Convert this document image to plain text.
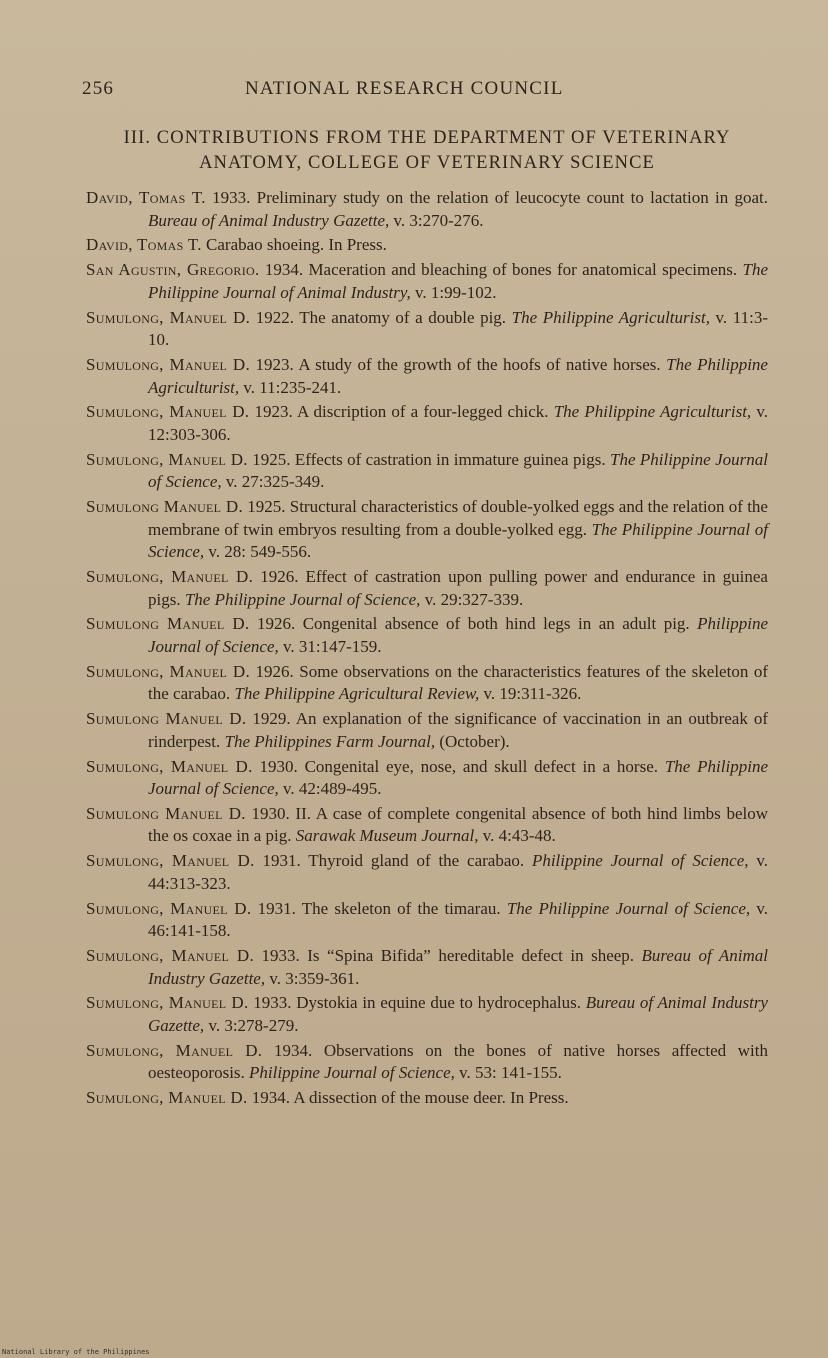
256	NATIONAL RESEARCH COUNCIL
III. CONTRIBUTIONS FROM THE DEPARTMENT OF VETERINARY
ANATOMY, COLLEGE OF VETERINARY SCIENCE
David, Tomas T. 1933. Preliminary study on the relation of leucocyte count to lactation in goat. Bureau of Animal Industry Gazette, v. 3:270-276.
David, Tomas T. Carabao shoeing. In Press.
San Agustin, Gregorio. 1934. Maceration and bleaching of bones for anatomical specimens. The Philippine Journal of Animal Industry, v. 1:99-102.
Sumulong, Manuel D. 1922. The anatomy of a double pig. The Philippine Agriculturist, v. 11:3-10.
Sumulong, Manuel D. 1923. A study of the growth of the hoofs of native horses. The Philippine Agriculturist, v. 11:235-241.
Sumulong, Manuel D. 1923. A discription of a four-legged chick. The Philippine Agriculturist, v. 12:303-306.
Sumulong, Manuel D. 1925. Effects of castration in immature guinea pigs. The Philippine Journal of Science, v. 27:325-349.
Sumulong Manuel D. 1925. Structural characteristics of double-yolked eggs and the relation of the membrane of twin embryos resulting from a double-yolked egg. The Philippine Journal of Science, v. 28: 549-556.
Sumulong, Manuel D. 1926. Effect of castration upon pulling power and endurance in guinea pigs. The Philippine Journal of Science, v. 29:327-339.
Sumulong Manuel D. 1926. Congenital absence of both hind legs in an adult pig. Philippine Journal of Science, v. 31:147-159.
Sumulong, Manuel D. 1926. Some observations on the characteristics features of the skeleton of the carabao. The Philippine Agricultural Review, v. 19:311-326.
Sumulong Manuel D. 1929. An explanation of the significance of vaccination in an outbreak of rinderpest. The Philippines Farm Journal, (October).
Sumulong, Manuel D. 1930. Congenital eye, nose, and skull defect in a horse. The Philippine Journal of Science, v. 42:489-495.
Sumulong Manuel D. 1930. II. A case of complete congenital absence of both hind limbs below the os coxae in a pig. Sarawak Museum Journal, v. 4:43-48.
Sumulong, Manuel D. 1931. Thyroid gland of the carabao. Philippine Journal of Science, v. 44:313-323.
Sumulong, Manuel D. 1931. The skeleton of the timarau. The Philippine Journal of Science, v. 46:141-158.
Sumulong, Manuel D. 1933. Is “Spina Bifida” hereditable defect in sheep. Bureau of Animal Industry Gazette, v. 3:359-361.
Sumulong, Manuel D. 1933. Dystokia in equine due to hydrocephalus. Bureau of Animal Industry Gazette, v. 3:278-279.
Sumulong, Manuel D. 1934. Observations on the bones of native horses affected with oesteoporosis. Philippine Journal of Science, v. 53: 141-155.
Sumulong, Manuel D. 1934. A dissection of the mouse deer. In Press.
National Library of the Philippines
